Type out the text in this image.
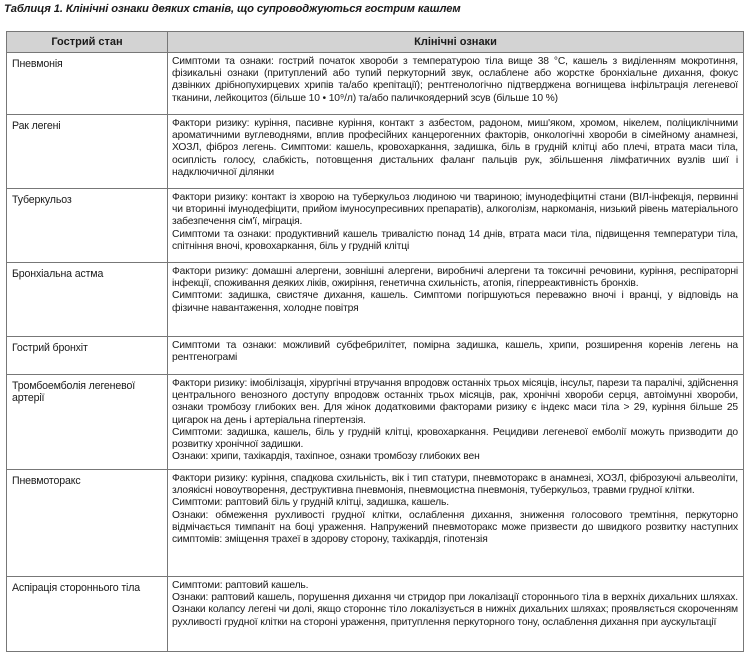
Таблиця 1. Клінічні ознаки деяких станів, що супроводжуються гострим кашлем
Гострий стан	Клінічні ознаки
Пневмонія	Симптоми та ознаки: гострий початок хвороби з температурою тіла вище 38 °С, кашель з виділенням мокротиння, фізикальні ознаки (притуплений або тупий перкуторний звук, ослаблене або жорстке бронхіальне дихання, фокус дзвінких дрібнопухирцевих хрипів та/або крепітації); рентгенологічно підтверджена вогнищева інфільтрація легеневої тканини, лейкоцитоз (більше 10 • 10⁹/л) та/або паличкоядерний зсув (більше 10 %)

Рак легені	Фактори ризику: куріння, пасивне куріння, контакт з азбестом, радоном, миш'яком, хромом, нікелем, поліциклічними ароматичними вуглеводнями, вплив професійних канцерогенних факторів, онкологічні хвороби в сімейному анамнезі, ХОЗЛ, фіброз легень. Симптоми: кашель, кровохаркання, задишка, біль в грудній клітці або плечі, втрата маси тіла, осиплість голосу, слабкість, потовщення дистальних фаланг пальців рук, збільшення лімфатичних вузлів шиї і надключичної ділянки

Туберкульоз	Фактори ризику: контакт із хворою на туберкульоз людиною чи твариною; імунодефіцитні стани (ВІЛ-інфекція, первинні чи вторинні імунодефіцити, прийом імуносупресивних препаратів), алкоголізм, наркоманія, низький рівень матеріального забезпечення сім'ї, міграція.
Симптоми та ознаки: продуктивний кашель тривалістю понад 14 днів, втрата маси тіла, підвищення температури тіла, спітніння вночі, кровохаркання, біль у грудній клітці

Бронхіальна астма	Фактори ризику: домашні алергени, зовнішні алергени, виробничі алергени та токсичні речовини, куріння, респіраторні інфекції, споживання деяких ліків, ожиріння, генетична схильність, атопія, гіперреактивність бронхів.
Симптоми: задишка, свистяче дихання, кашель. Симптоми погіршуються переважно вночі і вранці, у відповідь на фізичне навантаження, холодне повітря

Гострий бронхіт	Симптоми та ознаки: можливий субфебрилітет, помірна задишка, кашель, хрипи, розширення коренів легень на рентгенограмі

Тромбоемболія легеневої артерії	Фактори ризику: імобілізація, хірургічні втручання впродовж останніх трьох місяців, інсульт, парези та паралічі, здійснення центрального венозного доступу впродовж останніх трьох місяців, рак, хронічні хвороби серця, автоімунні хвороби, ознаки тромбозу глибоких вен. Для жінок додатковими факторами ризику є індекс маси тіла > 29, куріння більше 25 цигарок на день і артеріальна гіпертензія.
Симптоми: задишка, кашель, біль у грудній клітці, кровохаркання. Рецидиви легеневої емболії можуть призводити до розвитку хронічної задишки.
Ознаки: хрипи, тахікардія, тахіпное, ознаки тромбозу глибоких вен

Пневмоторакс	Фактори ризику: куріння, спадкова схильність, вік і тип статури, пневмоторакс в анамнезі, ХОЗЛ, фіброзуючі альвеоліти, злоякісні новоутворення, деструктивна пневмонія, пневмоцистна пневмонія, туберкульоз, травми грудної клітки.
Симптоми: раптовий біль у грудній клітці, задишка, кашель.
Ознаки: обмеження рухливості грудної клітки, ослаблення дихання, зниження голосового тремтіння, перкуторно відмічається тимпаніт на боці ураження. Напружений пневмоторакс може призвести до швидкого розвитку наступних симптомів: зміщення трахеї в здорову сторону, тахікардія, гіпотензія

Аспірація стороннього тіла	Симптоми: раптовий кашель.
Ознаки: раптовий кашель, порушення дихання чи стридор при локалізації стороннього тіла в верхніх дихальних шляхах. Ознаки колапсу легені чи долі, якщо стороннє тіло локалізується в нижніх дихальних шляхах; проявляється скороченням рухливості грудної клітки на стороні ураження, притуплення перкуторного тону, ослаблення дихання при аускультації
